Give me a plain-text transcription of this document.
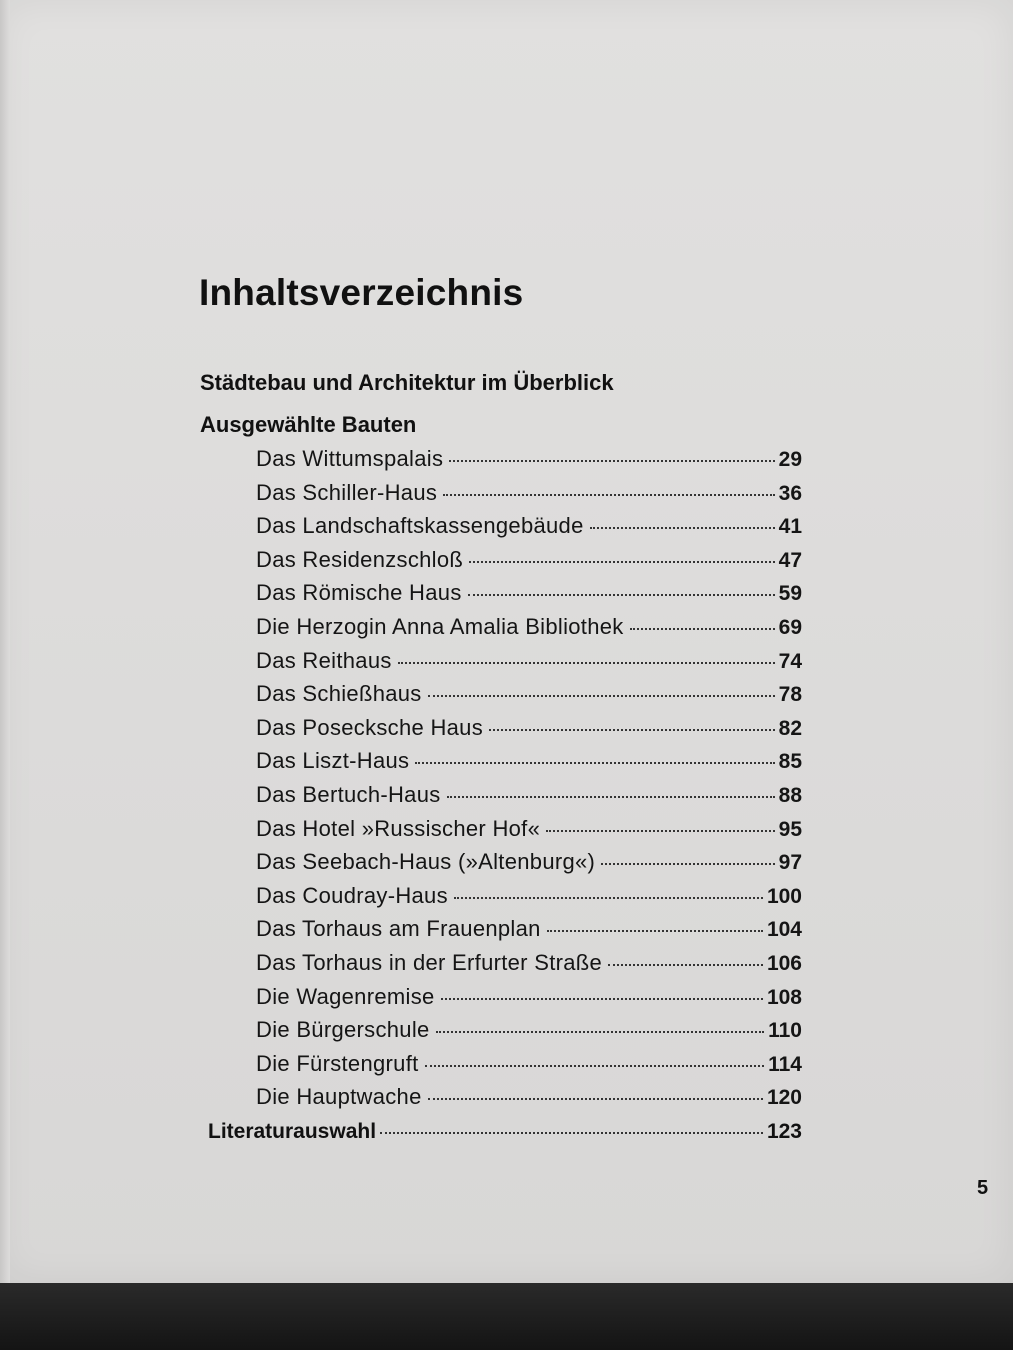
Inhaltsverzeichnis
Städtebau und Architektur im Überblick
Ausgewählte Bauten
Das Wittumspalais	29
Das Schiller-Haus	36
Das Landschaftskassengebäude	41
Das Residenzschloß	47
Das Römische Haus	59
Die Herzogin Anna Amalia Bibliothek	69
Das Reithaus	74
Das Schießhaus	78
Das Posecksche Haus	82
Das Liszt-Haus	85
Das Bertuch-Haus	88
Das Hotel »Russischer Hof«	95
Das Seebach-Haus (»Altenburg«)	97
Das Coudray-Haus	100
Das Torhaus am Frauenplan	104
Das Torhaus in der Erfurter Straße	106
Die Wagenremise	108
Die Bürgerschule	110
Die Fürstengruft	114
Die Hauptwache	120
Literaturauswahl	123
5
